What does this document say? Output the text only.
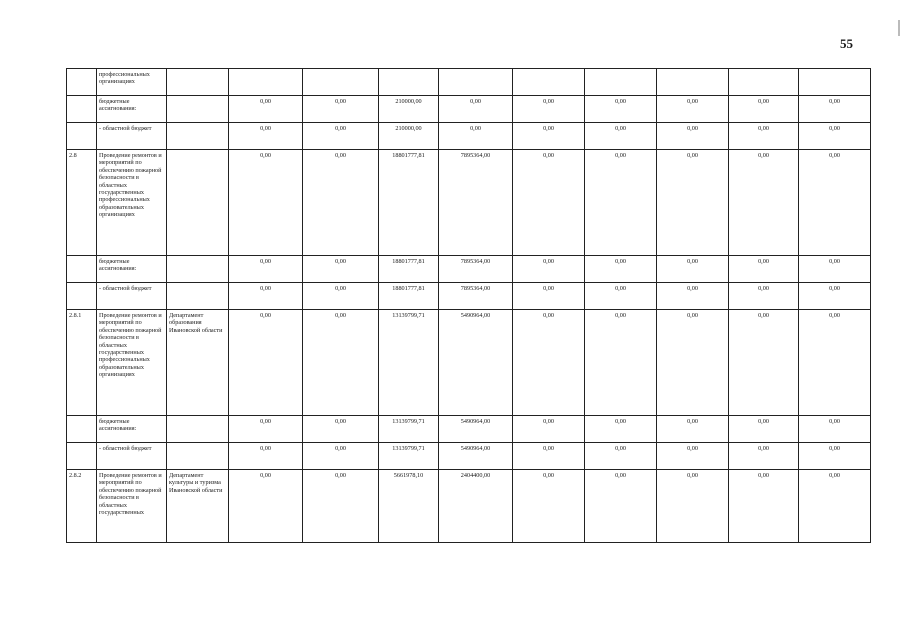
55
	профессиональных организациях										
	бюджетные ассигнования:		0,00	0,00	210000,00	0,00	0,00	0,00	0,00	0,00	0,00
	- областной бюджет		0,00	0,00	210000,00	0,00	0,00	0,00	0,00	0,00	0,00
2.8	Проведение ремонтов и мероприятий по обеспечению пожарной безопасности в областных государственных профессиональных образовательных организациях		0,00	0,00	18801777,81	7895364,00	0,00	0,00	0,00	0,00	0,00
	бюджетные ассигнования:		0,00	0,00	18801777,81	7895364,00	0,00	0,00	0,00	0,00	0,00
	- областной бюджет		0,00	0,00	18801777,81	7895364,00	0,00	0,00	0,00	0,00	0,00
2.8.1	Проведение ремонтов и мероприятий по обеспечению пожарной безопасности в областных государственных профессиональных образовательных организациях	Департамент образования Ивановской области	0,00	0,00	13139799,71	5490964,00	0,00	0,00	0,00	0,00	0,00
	бюджетные ассигнования:		0,00	0,00	13139799,71	5490964,00	0,00	0,00	0,00	0,00	0,00
	- областной бюджет		0,00	0,00	13139799,71	5490964,00	0,00	0,00	0,00	0,00	0,00
2.8.2	Проведение ремонтов и мероприятий по обеспечению пожарной безопасности в областных государственных	Департамент культуры и туризма Ивановской области	0,00	0,00	5661978,10	2404400,00	0,00	0,00	0,00	0,00	0,00
